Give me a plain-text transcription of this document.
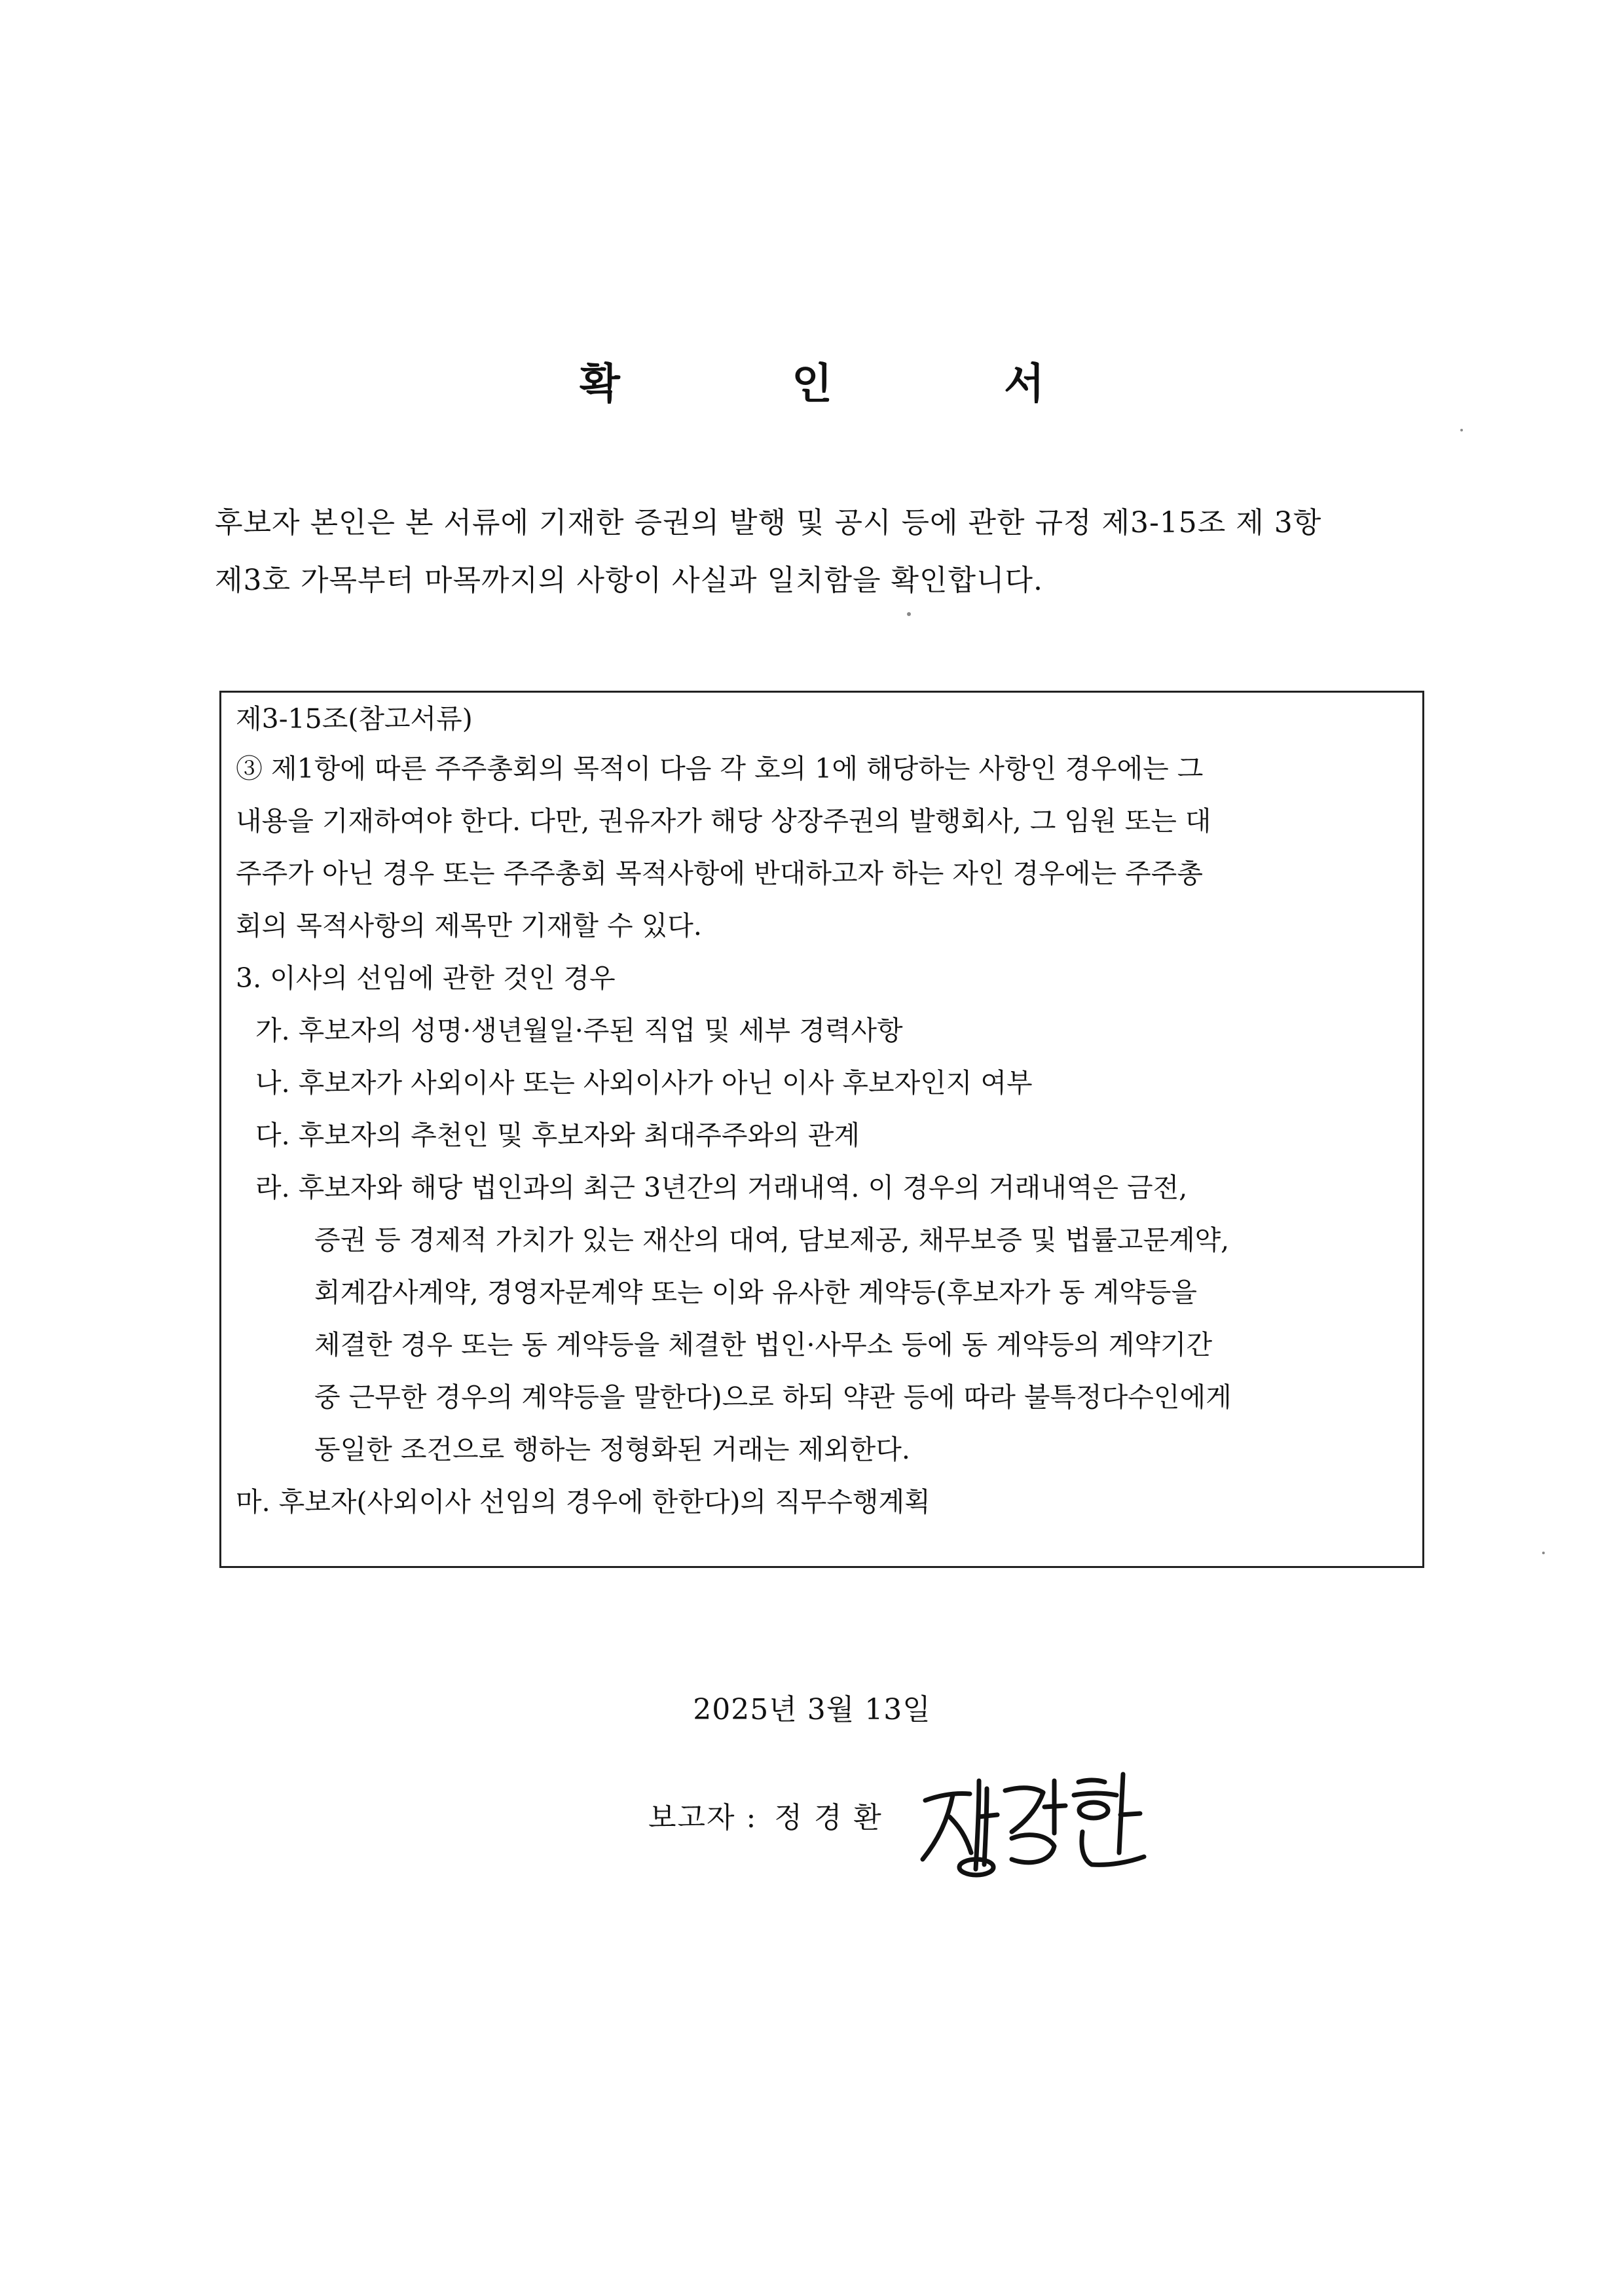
확 인 서

후보자 본인은 본 서류에 기재한 증권의 발행 및 공시 등에 관한 규정 제3-15조 제 3항

제3호 가목부터 마목까지의 사항이 사실과 일치함을 확인합니다.

제3-15조(참고서류)

③ 제1항에 따른 주주총회의 목적이 다음 각 호의 1에 해당하는 사항인 경우에는 그

내용을 기재하여야 한다. 다만, 권유자가 해당 상장주권의 발행회사, 그 임원 또는 대

주주가 아닌 경우 또는 주주총회 목적사항에 반대하고자 하는 자인 경우에는 주주총

회의 목적사항의 제목만 기재할 수 있다.

3. 이사의 선임에 관한 것인 경우

가. 후보자의 성명·생년월일·주된 직업 및 세부 경력사항

나. 후보자가 사외이사 또는 사외이사가 아닌 이사 후보자인지 여부

다. 후보자의 추천인 및 후보자와 최대주주와의 관계

라. 후보자와 해당 법인과의 최근 3년간의 거래내역. 이 경우의 거래내역은 금전,

증권 등 경제적 가치가 있는 재산의 대여, 담보제공, 채무보증 및 법률고문계약,

회계감사계약, 경영자문계약 또는 이와 유사한 계약등(후보자가 동 계약등을

체결한 경우 또는 동 계약등을 체결한 법인·사무소 등에 동 계약등의 계약기간

중 근무한 경우의 계약등을 말한다)으로 하되 약관 등에 따라 불특정다수인에게

동일한 조건으로 행하는 정형화된 거래는 제외한다.

마. 후보자(사외이사 선임의 경우에 한한다)의 직무수행계획

2025년 3월 13일
보고자 : 정 경 환
